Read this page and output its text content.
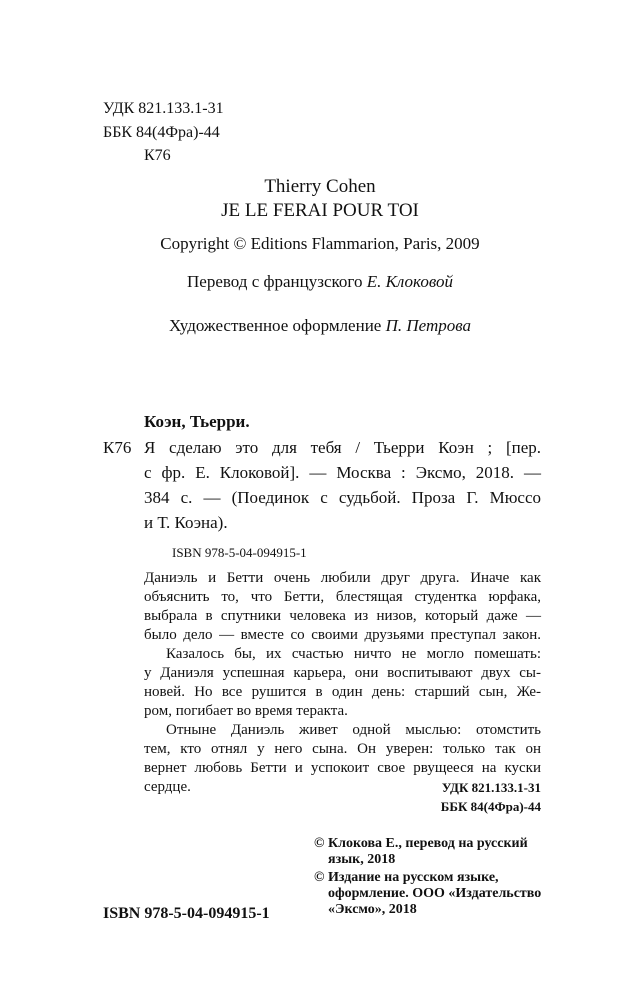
УДК 821.133.1-31
ББК 84(4Фра)-44
К76
Thierry Cohen
JE LE FERAI POUR TOI
Copyright © Editions Flammarion, Paris, 2009
Перевод с французского Е. Клоковой
Художественное оформление П. Петрова
Коэн, Тьерри.
К76 Я сделаю это для тебя / Тьерри Коэн ; [пер.
с фр. Е. Клоковой]. — Москва : Эксмо, 2018. —
384 с. — (Поединок с судьбой. Проза Г. Мюссо
и Т. Коэна).
ISBN 978-5-04-094915-1
Даниэль и Бетти очень любили друг друга. Иначе как
объяснить то, что Бетти, блестящая студентка юрфака,
выбрала в спутники человека из низов, который даже —
было дело — вместе со своими друзьями преступал закон.
Казалось бы, их счастью ничто не могло помешать:
у Даниэля успешная карьера, они воспитывают двух сы-
новей. Но все рушится в один день: старший сын, Же-
ром, погибает во время теракта.
Отныне Даниэль живет одной мыслью: отомстить
тем, кто отнял у него сына. Он уверен: только так он
вернет любовь Бетти и успокоит свое рвущееся на куски
сердце.	УДК 821.133.1-31
ББК 84(4Фра)-44
ISBN 978-5-04-094915-1
© Клокова Е., перевод на русский
язык, 2018
© Издание на русском языке,
оформление. ООО «Издательство
«Эксмо», 2018
